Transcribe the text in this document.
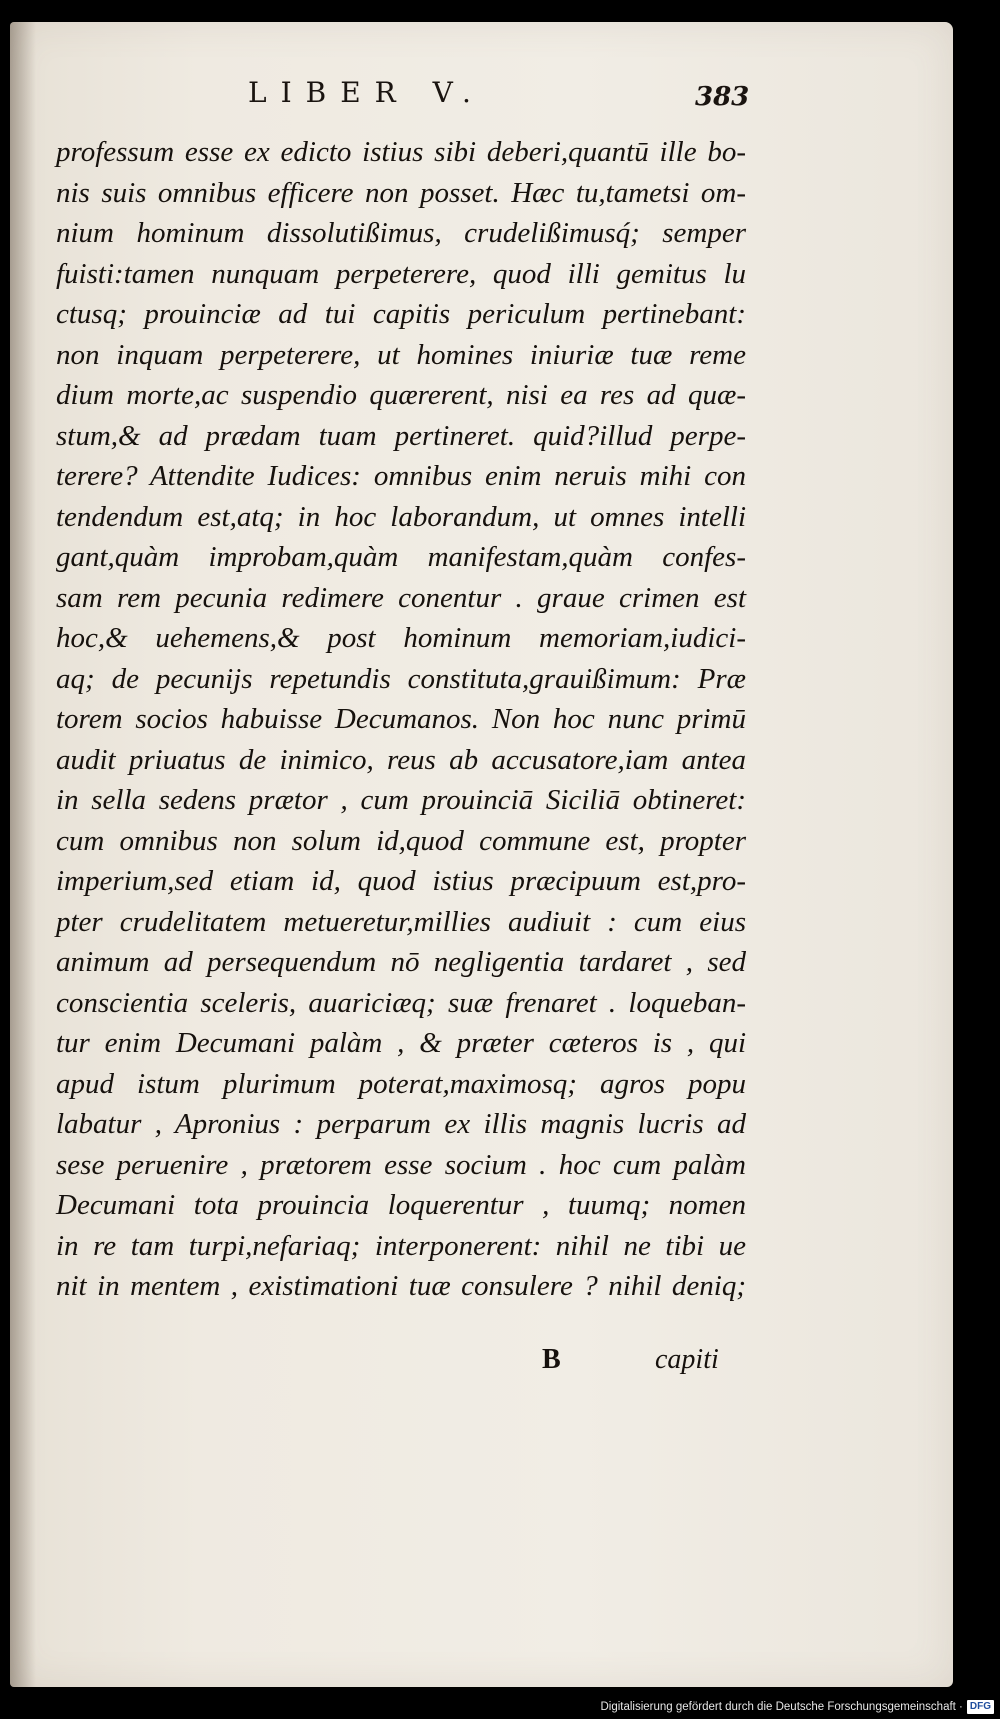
LIBER V.	383
professum esse ex edicto istius sibi deberi,quantū ille bo-
nis suis omnibus efficere non posset. Hæc tu,tametsi om-
nium hominum dissolutißimus, crudelißimusq́; semper
fuisti:tamen nunquam perpeterere, quod illi gemitus lu
ctusq; prouinciæ ad tui capitis periculum pertinebant:
non inquam perpeterere, ut homines iniuriæ tuæ reme
dium morte,ac suspendio quærerent, nisi ea res ad quæ-
stum,& ad prædam tuam pertineret. quid?illud perpe-
terere? Attendite Iudices: omnibus enim neruis mihi con
tendendum est,atq; in hoc laborandum, ut omnes intelli
gant,quàm improbam,quàm manifestam,quàm confes-
sam rem pecunia redimere conentur . graue crimen est
hoc,& uehemens,& post hominum memoriam,iudici-
aq; de pecunijs repetundis constituta,grauißimum: Præ
torem socios habuisse Decumanos. Non hoc nunc primū
audit priuatus de inimico, reus ab accusatore,iam antea
in sella sedens prætor , cum prouinciā Siciliā obtineret:
cum omnibus non solum id,quod commune est, propter
imperium,sed etiam id, quod istius præcipuum est,pro-
pter crudelitatem metueretur,millies audiuit : cum eius
animum ad persequendum nō negligentia tardaret , sed
conscientia sceleris, auariciæq; suæ frenaret . loqueban-
tur enim Decumani palàm , & præter cæteros is , qui
apud istum plurimum poterat,maximosq; agros popu
labatur , Apronius : perparum ex illis magnis lucris ad
sese peruenire , prætorem esse socium . hoc cum palàm
Decumani tota prouincia loquerentur , tuumq; nomen
in re tam turpi,nefariaq; interponerent: nihil ne tibi ue
nit in mentem , existimationi tuæ consulere ? nihil deniq;
B	capiti
Digitalisierung gefördert durch die Deutsche Forschungsgemeinschaft · DFG
